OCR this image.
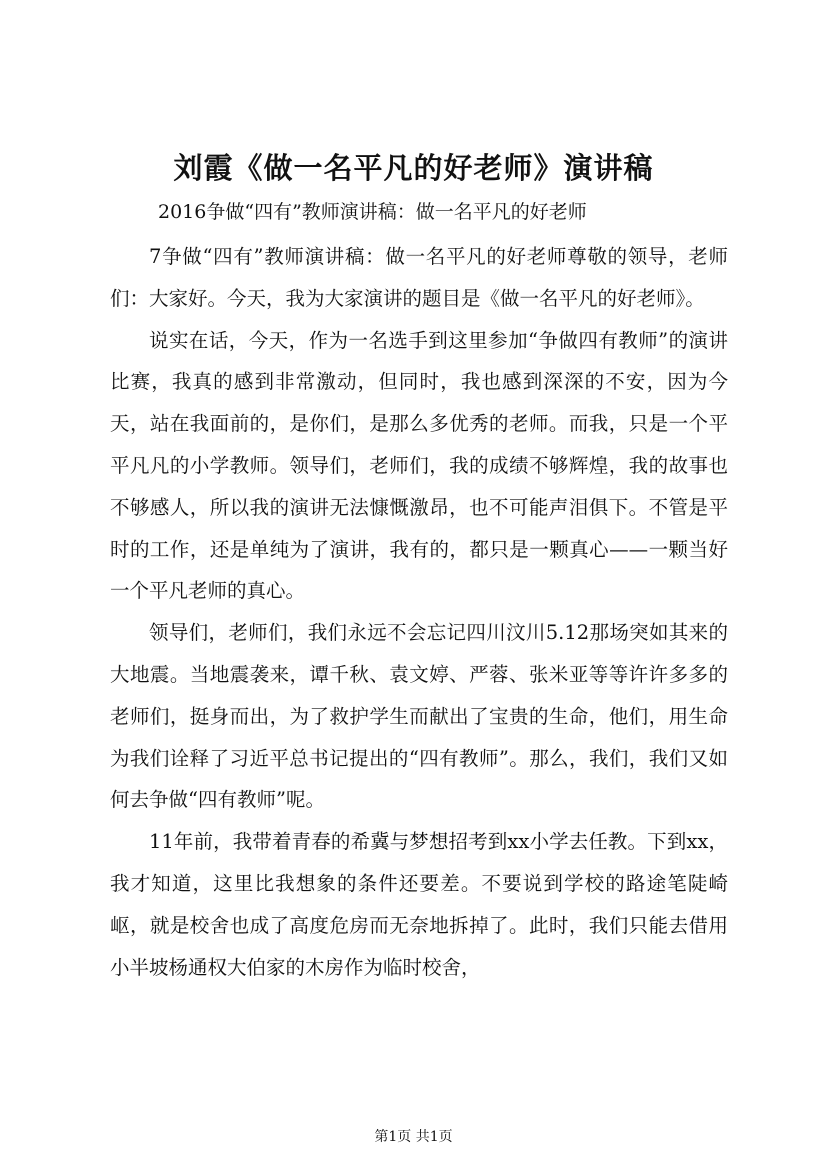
刘霞《做一名平凡的好老师》演讲稿
2016争做“四有”教师演讲稿：做一名平凡的好老师

7争做“四有”教师演讲稿：做一名平凡的好老师尊敬的领导，老师们：大家好。今天，我为大家演讲的题目是《做一名平凡的好老师》。

说实在话，今天，作为一名选手到这里参加“争做四有教师”的演讲比赛，我真的感到非常激动，但同时，我也感到深深的不安，因为今天，站在我面前的，是你们，是那么多优秀的老师。而我，只是一个平平凡凡的小学教师。领导们，老师们，我的成绩不够辉煌，我的故事也不够感人，所以我的演讲无法慷慨激昂，也不可能声泪俱下。不管是平时的工作，还是单纯为了演讲，我有的，都只是一颗真心——一颗当好一个平凡老师的真心。

领导们，老师们，我们永远不会忘记四川汶川5.12那场突如其来的大地震。当地震袭来，谭千秋、袁文婷、严蓉、张米亚等等许许多多的老师们，挺身而出，为了救护学生而献出了宝贵的生命，他们，用生命为我们诠释了习近平总书记提出的“四有教师”。那么，我们，我们又如何去争做“四有教师”呢。

11年前，我带着青春的希冀与梦想招考到xx小学去任教。下到xx，我才知道，这里比我想象的条件还要差。不要说到学校的路途笔陡崎岖，就是校舍也成了高度危房而无奈地拆掉了。此时，我们只能去借用小半坡杨通权大伯家的木房作为临时校舍，

第1页 共1页
